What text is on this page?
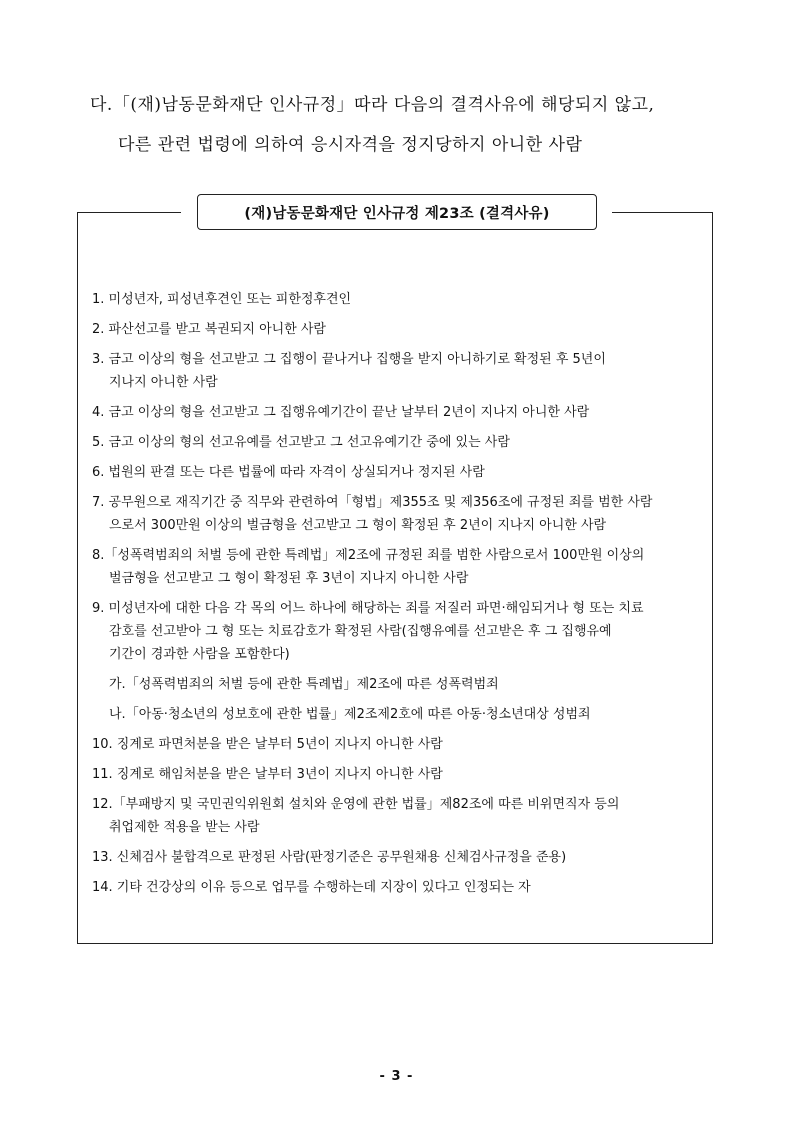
다.「(재)남동문화재단 인사규정」따라 다음의 결격사유에 해당되지 않고,
다른 관련 법령에 의하여 응시자격을 정지당하지 아니한 사람
(재)남동문화재단 인사규정 제23조 (결격사유)
1. 미성년자, 피성년후견인 또는 피한정후견인
2. 파산선고를 받고 복권되지 아니한 사람
3. 금고 이상의 형을 선고받고 그 집행이 끝나거나 집행을 받지 아니하기로 확정된 후 5년이
지나지 아니한 사람
4. 금고 이상의 형을 선고받고 그 집행유예기간이 끝난 날부터 2년이 지나지 아니한 사람
5. 금고 이상의 형의 선고유예를 선고받고 그 선고유예기간 중에 있는 사람
6. 법원의 판결 또는 다른 법률에 따라 자격이 상실되거나 정지된 사람
7. 공무원으로 재직기간 중 직무와 관련하여「형법」제355조 및 제356조에 규정된 죄를 범한 사람
으로서 300만원 이상의 벌금형을 선고받고 그 형이 확정된 후 2년이 지나지 아니한 사람
8.「성폭력범죄의 처벌 등에 관한 특례법」제2조에 규정된 죄를 범한 사람으로서 100만원 이상의
벌금형을 선고받고 그 형이 확정된 후 3년이 지나지 아니한 사람
9. 미성년자에 대한 다음 각 목의 어느 하나에 해당하는 죄를 저질러 파면·해임되거나 형 또는 치료
감호를 선고받아 그 형 또는 치료감호가 확정된 사람(집행유예를 선고받은 후 그 집행유예
기간이 경과한 사람을 포함한다)
가.「성폭력범죄의 처벌 등에 관한 특례법」제2조에 따른 성폭력범죄
나.「아동·청소년의 성보호에 관한 법률」제2조제2호에 따른 아동·청소년대상 성범죄
10. 징계로 파면처분을 받은 날부터 5년이 지나지 아니한 사람
11. 징계로 해임처분을 받은 날부터 3년이 지나지 아니한 사람
12.「부패방지 및 국민권익위원회 설치와 운영에 관한 법률」제82조에 따른 비위면직자 등의
취업제한 적용을 받는 사람
13. 신체검사 불합격으로 판정된 사람(판정기준은 공무원채용 신체검사규정을 준용)
14. 기타 건강상의 이유 등으로 업무를 수행하는데 지장이 있다고 인정되는 자
- 3 -
